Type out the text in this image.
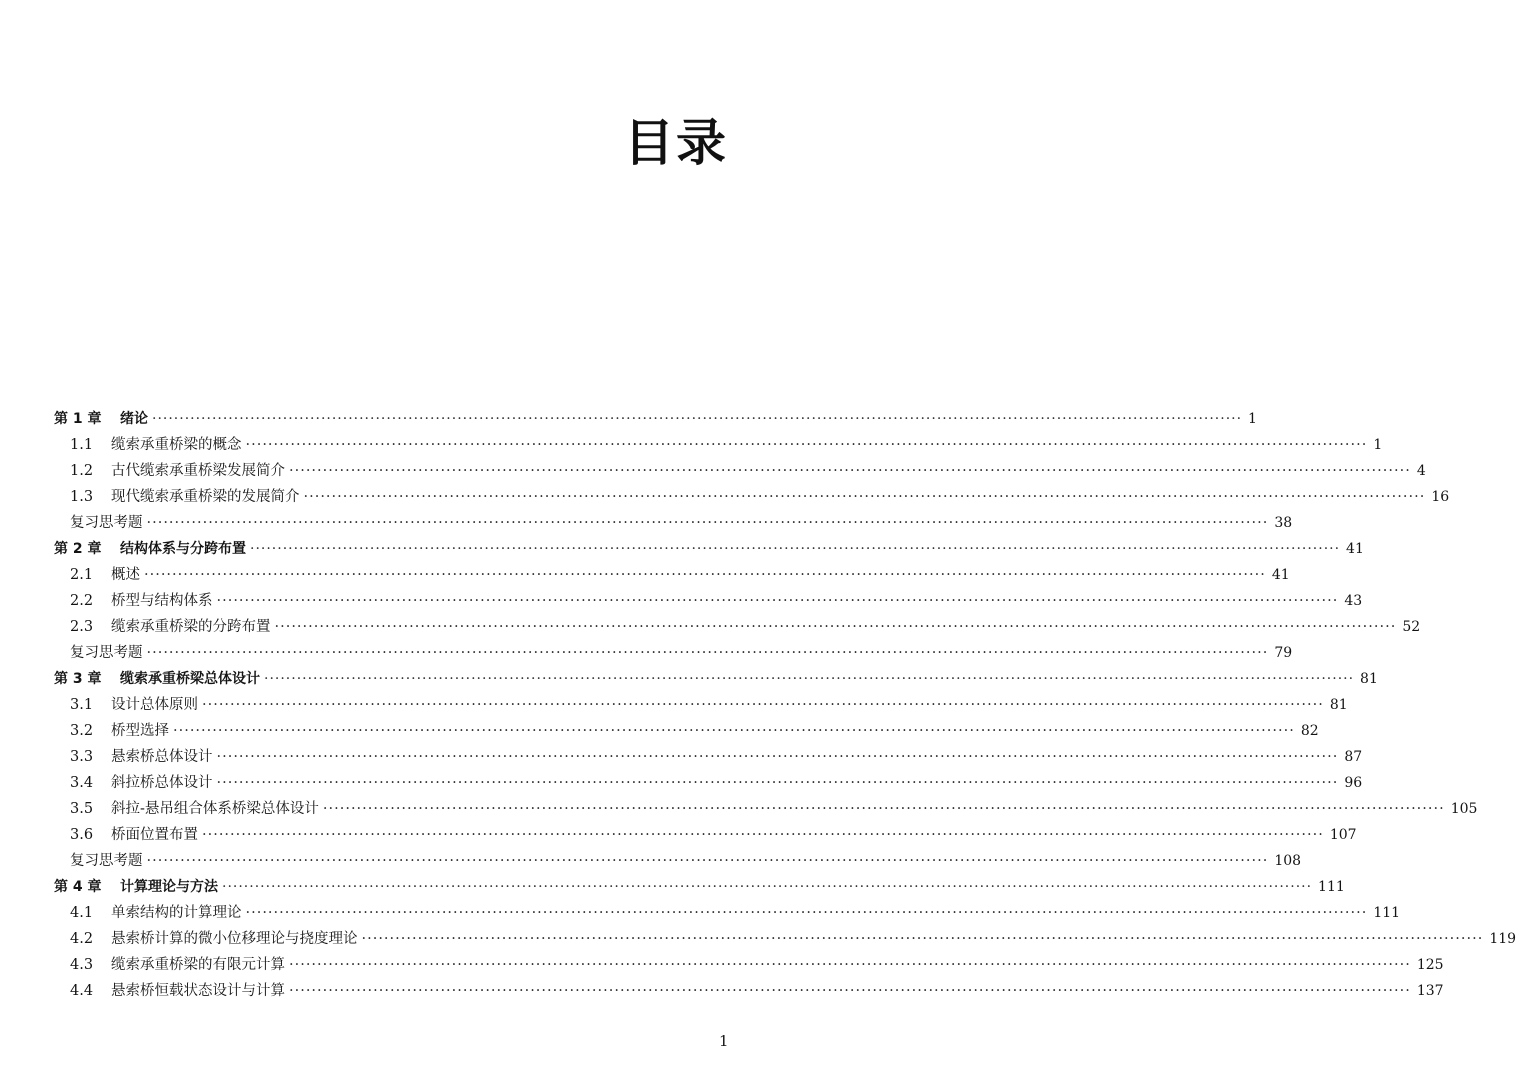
目录
第 1 章	绪论 ········································································································································································································ 1
1.1	缆索承重桥梁的概念 ········································································································································································································ 1
1.2	古代缆索承重桥梁发展简介 ········································································································································································································ 4
1.3	现代缆索承重桥梁的发展简介 ········································································································································································································ 16
复习思考题 ········································································································································································································ 38
第 2 章	结构体系与分跨布置 ········································································································································································································ 41
2.1	概述 ········································································································································································································ 41
2.2	桥型与结构体系 ········································································································································································································ 43
2.3	缆索承重桥梁的分跨布置 ········································································································································································································ 52
复习思考题 ········································································································································································································ 79
第 3 章	缆索承重桥梁总体设计 ········································································································································································································ 81
3.1	设计总体原则 ········································································································································································································ 81
3.2	桥型选择 ········································································································································································································ 82
3.3	悬索桥总体设计 ········································································································································································································ 87
3.4	斜拉桥总体设计 ········································································································································································································ 96
3.5	斜拉-悬吊组合体系桥梁总体设计 ········································································································································································································ 105
3.6	桥面位置布置 ········································································································································································································ 107
复习思考题 ········································································································································································································ 108
第 4 章	计算理论与方法 ········································································································································································································ 111
4.1	单索结构的计算理论 ········································································································································································································ 111
4.2	悬索桥计算的微小位移理论与挠度理论 ········································································································································································································ 119
4.3	缆索承重桥梁的有限元计算 ········································································································································································································ 125
4.4	悬索桥恒载状态设计与计算 ········································································································································································································ 137
1
